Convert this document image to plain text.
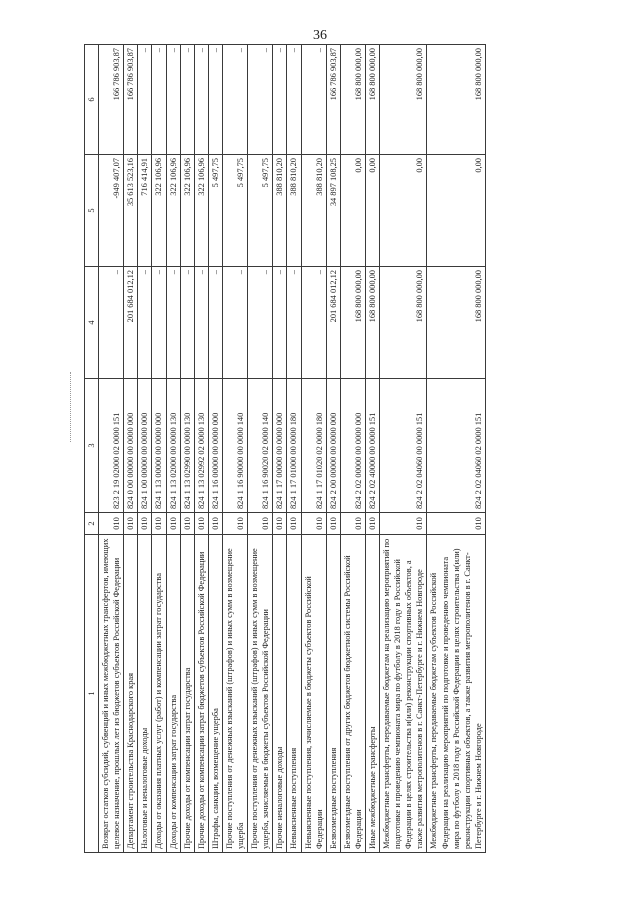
36
1	2	3	4	5	6
Возврат остатков субсидий, субвенций и иных межбюджетных трансфертов, имеющих целевое назначение, прошлых лет из бюджетов субъектов Российской Федерации	010	823 2 19 02000 02 0000 151	–	-949 407,07	166 786 903,87
Департамент строительства Краснодарского края	010	824 0 00 00000 00 0000 000	201 684 012,12	35 613 523,16	166 786 903,87
Налоговые и неналоговые доходы	010	824 1 00 00000 00 0000 000	–	716 414,91	–
Доходы от оказания платных услуг (работ) и компенсации затрат государства	010	824 1 13 00000 00 0000 000	–	322 106,96	–
Доходы от компенсации затрат государства	010	824 1 13 02000 00 0000 130	–	322 106,96	–
Прочие доходы от компенсации затрат государства	010	824 1 13 02990 00 0000 130	–	322 106,96	–
Прочие доходы от компенсации затрат бюджетов субъектов Российской Федерации	010	824 1 13 02992 02 0000 130	–	322 106,96	–
Штрафы, санкции, возмещение ущерба	010	824 1 16 00000 00 0000 000	–	5 497,75	–
Прочие поступления от денежных взысканий (штрафов) и иных сумм в возмещение ущерба	010	824 1 16 90000 00 0000 140	–	5 497,75	–
Прочие поступления от денежных взысканий (штрафов) и иных сумм в возмещение ущерба, зачисляемые в бюджеты субъектов Российской Федерации	010	824 1 16 90020 02 0000 140	–	5 497,75	–
Прочие неналоговые доходы	010	824 1 17 00000 00 0000 000	–	388 810,20	–
Невыясненные поступления	010	824 1 17 01000 00 0000 180	–	388 810,20	–
Невыясненные поступления, зачисляемые в бюджеты субъектов Российской Федерации	010	824 1 17 01020 02 0000 180	–	388 810,20	–
Безвозмездные поступления	010	824 2 00 00000 00 0000 000	201 684 012,12	34 897 108,25	166 786 903,87
Безвозмездные поступления от других бюджетов бюджетной системы Российской Федерации	010	824 2 02 00000 00 0000 000	168 800 000,00	0,00	168 800 000,00
Иные межбюджетные трансферты	010	824 2 02 40000 00 0000 151	168 800 000,00	0,00	168 800 000,00
Межбюджетные трансферты, передаваемые бюджетам на реализацию мероприятий по подготовке и проведению чемпионата мира по футболу в 2018 году в Российской Федерации в целях строительства и(или) реконструкции спортивных объектов, а также развития метрополитенов в г. Санкт-Петербурге и г. Нижнем Новгороде	010	824 2 02 04060 00 0000 151	168 800 000,00	0,00	168 800 000,00
Межбюджетные трансферты, передаваемые бюджетам субъектов Российской Федерации на реализацию мероприятий по подготовке и проведению чемпионата мира по футболу в 2018 году в Российской Федерации в целях строительства и(или) реконструкции спортивных объектов, а также развития метрополитенов в г. Санкт-Петербурге и г. Нижнем Новгороде	010	824 2 02 04060 02 0000 151	168 800 000,00	0,00	168 800 000,00
